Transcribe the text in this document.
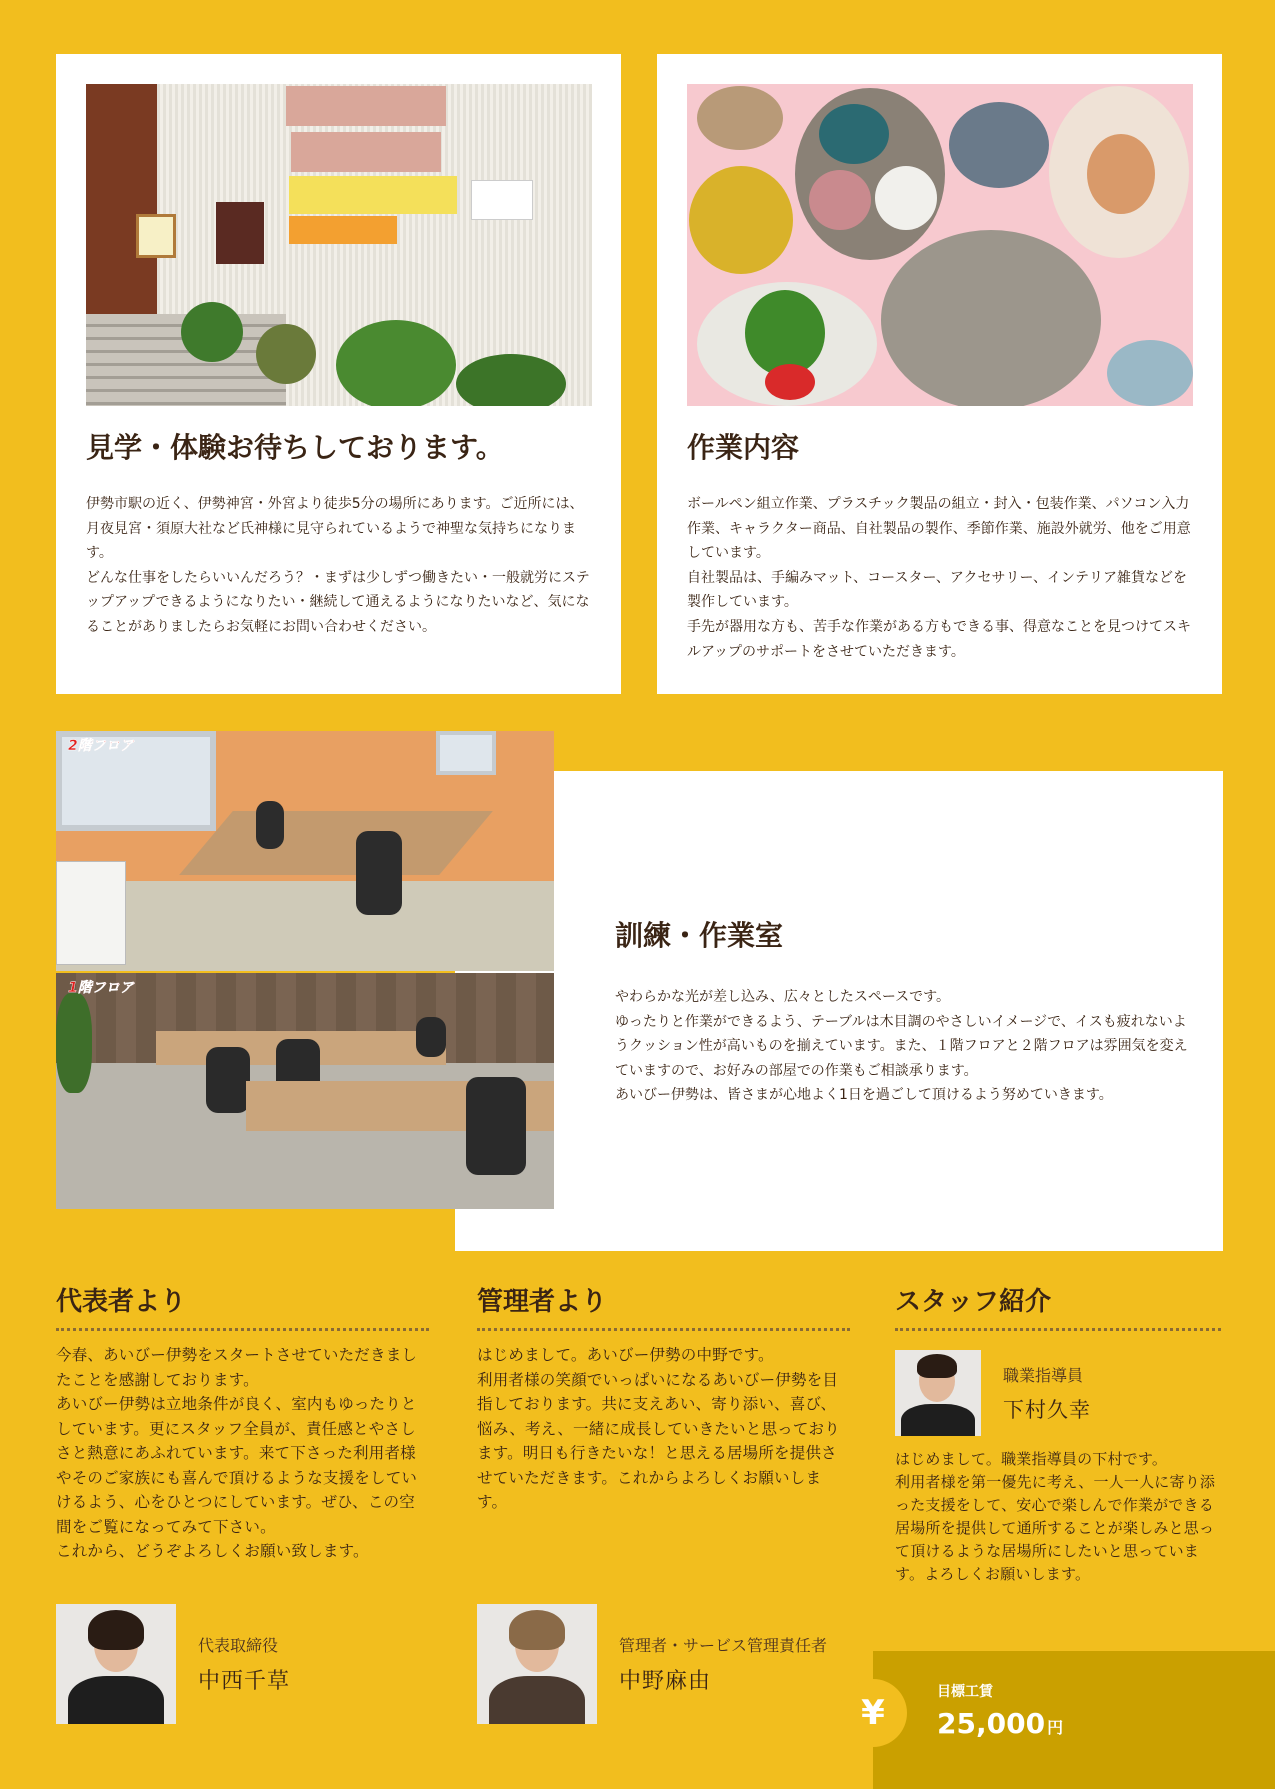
見学・体験お待ちしております。

伊勢市駅の近く、伊勢神宮・外宮より徒歩5分の場所にあります。ご近所には、月夜見宮・須原大社など氏神様に見守られているようで神聖な気持ちになります。
どんな仕事をしたらいいんだろう？・まずは少しずつ働きたい・一般就労にステップアップできるようになりたい・継続して通えるようになりたいなど、気になることがありましたらお気軽にお問い合わせください。

作業内容

ボールペン組立作業、プラスチック製品の組立・封入・包装作業、パソコン入力作業、キャラクター商品、自社製品の製作、季節作業、施設外就労、他をご用意しています。
自社製品は、手編みマット、コースター、アクセサリー、インテリア雑貨などを製作しています。
手先が器用な方も、苦手な作業がある方もできる事、得意なことを見つけてスキルアップのサポートをさせていただきます。

訓練・作業室

やわらかな光が差し込み、広々としたスペースです。
ゆったりと作業ができるよう、テーブルは木目調のやさしいイメージで、イスも疲れないようクッション性が高いものを揃えています。また、１階フロアと２階フロアは雰囲気を変えていますので、お好みの部屋での作業もご相談承ります。
あいびー伊勢は、皆さまが心地よく1日を過ごして頂けるよう努めていきます。

2階フロア
1階フロア
代表者より

今春、あいびー伊勢をスタートさせていただきましたことを感謝しております。
あいびー伊勢は立地条件が良く、室内もゆったりとしています。更にスタッフ全員が、責任感とやさしさと熱意にあふれています。来て下さった利用者様やそのご家族にも喜んで頂けるような支援をしていけるよう、心をひとつにしています。ぜひ、この空間をご覧になってみて下さい。
これから、どうぞよろしくお願い致します。

代表取締役
中西千草
管理者より

はじめまして。あいびー伊勢の中野です。
利用者様の笑顔でいっぱいになるあいびー伊勢を目指しております。共に支えあい、寄り添い、喜び、悩み、考え、一緒に成長していきたいと思っております。明日も行きたいな！と思える居場所を提供させていただきます。これからよろしくお願いします。

管理者・サービス管理責任者
中野麻由
スタッフ紹介

はじめまして。職業指導員の下村です。
利用者様を第一優先に考え、一人一人に寄り添った支援をして、安心で楽しんで作業ができる居場所を提供して通所することが楽しみと思って頂けるような居場所にしたいと思っています。よろしくお願いします。

職業指導員
下村久幸
¥
目標工賃
25,000 円
